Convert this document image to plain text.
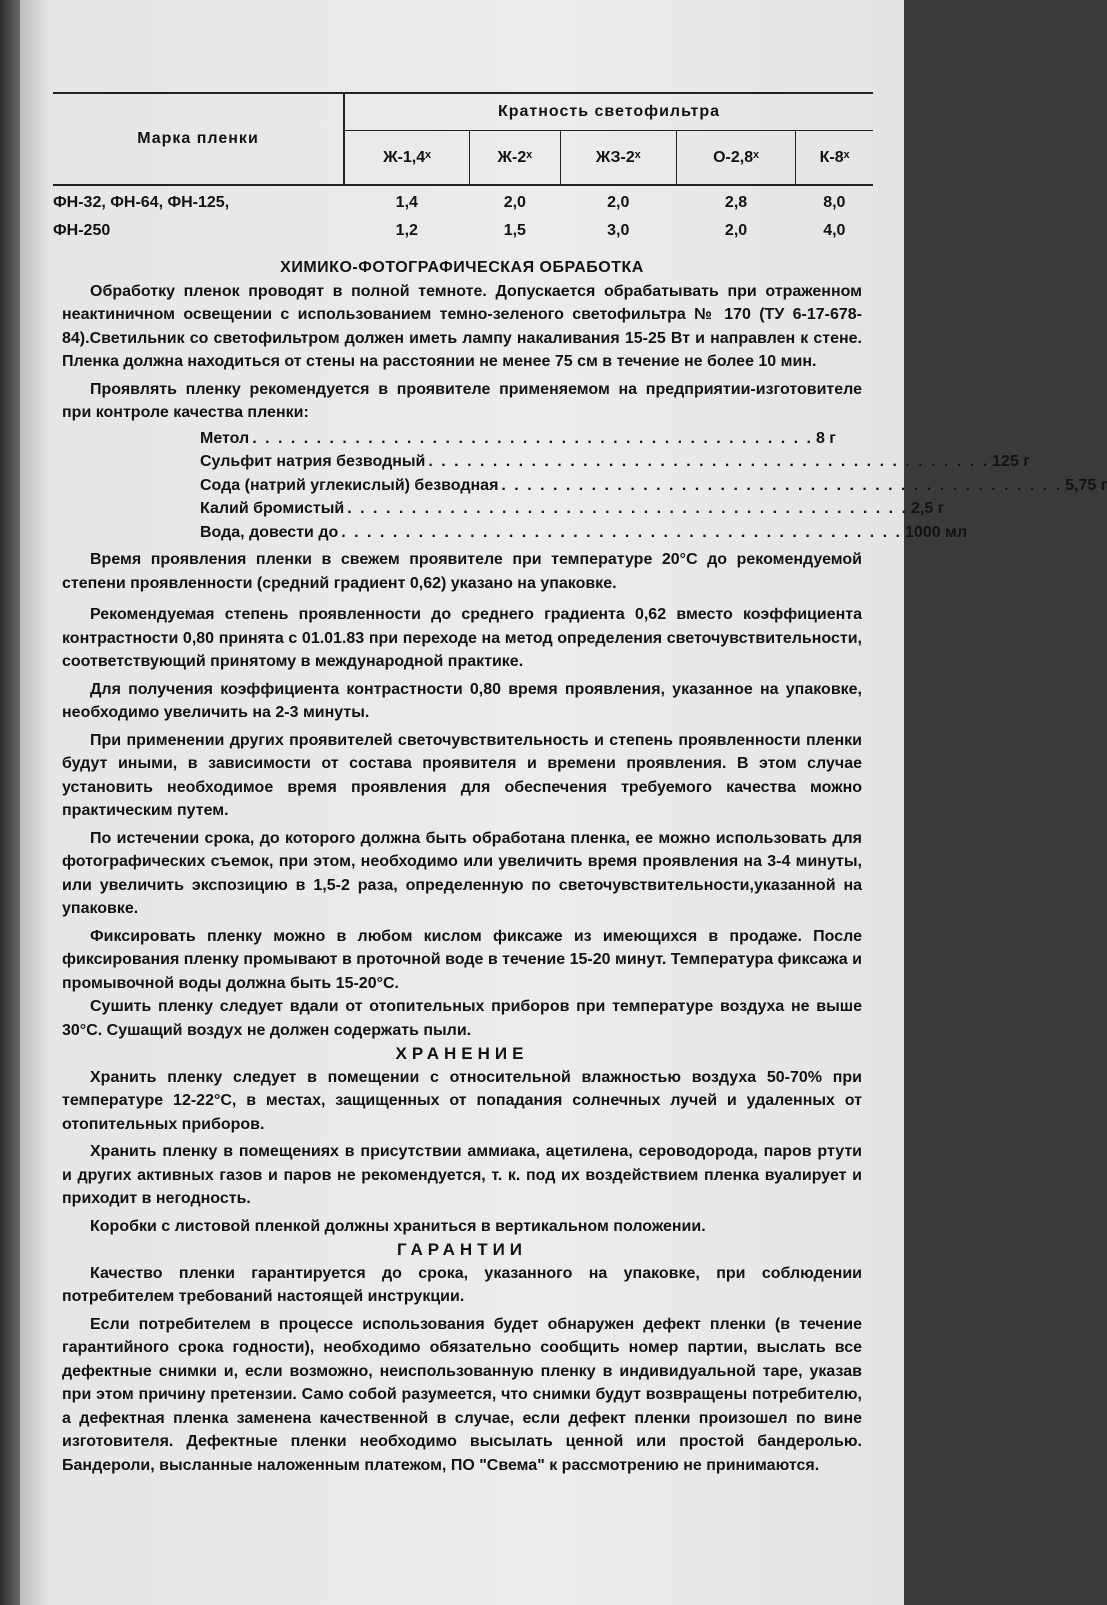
Марка пленки	Кратность светофильтра				
	Ж-1,4ˣ	Ж-2ˣ	ЖЗ-2ˣ	О-2,8ˣ	К-8ˣ
ФН-32, ФН-64, ФН-125,	1,4	2,0	2,0	2,8	8,0
ФН-250	1,2	1,5	3,0	2,0	4,0
ХИМИКО-ФОТОГРАФИЧЕСКАЯ ОБРАБОТКА

Обработку пленок проводят в полной темноте. Допускается обрабатывать при отраженном неактиничном освещении с использованием темно-зеленого светофильтра № 170 (ТУ 6-17-678-84).Светильник со светофильтром должен иметь лампу накаливания 15-25 Вт и направлен к стене. Пленка должна находиться от стены на расстоянии не менее 75 см в течение не более 10 мин.

Проявлять пленку рекомендуется в проявителе применяемом на предприятии-изготовителе при контроле качества пленки:

Метол . . . . . . . . . . . . . . . . . . . . . . . . . . . . . . . . . . . . . . . . . . . . 8 г
Сульфит натрия безводный . . . . . . . . . . . . . . . . . . . . . . . . . . . . . . . . . . . . . . . . . . . . 125 г
Сода (натрий углекислый) безводная . . . . . . . . . . . . . . . . . . . . . . . . . . . . . . . . . . . . . . . . . . . . 5,75 г
Калий бромистый . . . . . . . . . . . . . . . . . . . . . . . . . . . . . . . . . . . . . . . . . . . . 2,5 г
Вода, довести до . . . . . . . . . . . . . . . . . . . . . . . . . . . . . . . . . . . . . . . . . . . . 1000 мл

Время проявления пленки в свежем проявителе при температуре 20°С до рекомендуемой степени проявленности (средний градиент 0,62) указано на упаковке.

Рекомендуемая степень проявленности до среднего градиента 0,62 вместо коэффициента контрастности 0,80 принята с 01.01.83 при переходе на метод определения светочувствительности, соответствующий принятому в международной практике.

Для получения коэффициента контрастности 0,80 время проявления, указанное на упаковке, необходимо увеличить на 2-3 минуты.

При применении других проявителей светочувствительность и степень проявленности пленки будут иными, в зависимости от состава проявителя и времени проявления. В этом случае установить необходимое время проявления для обеспечения требуемого качества можно практическим путем.

По истечении срока, до которого должна быть обработана пленка, ее можно использовать для фотографических съемок, при этом, необходимо или увеличить время проявления на 3-4 минуты, или увеличить экспозицию в 1,5-2 раза, определенную по светочувствительности,указанной на упаковке.

Фиксировать пленку можно в любом кислом фиксаже из имеющихся в продаже. После фиксирования пленку промывают в проточной воде в течение 15-20 минут. Температура фиксажа и промывочной воды должна быть 15-20°С.

Сушить пленку следует вдали от отопительных приборов при температуре воздуха не выше 30°С. Сушащий воздух не должен содержать пыли.

ХРАНЕНИЕ

Хранить пленку следует в помещении с относительной влажностью воздуха 50-70% при температуре 12-22°С, в местах, защищенных от попадания солнечных лучей и удаленных от отопительных приборов.

Хранить пленку в помещениях в присутствии аммиака, ацетилена, сероводорода, паров ртути и других активных газов и паров не рекомендуется, т. к. под их воздействием пленка вуалирует и приходит в негодность.

Коробки с листовой пленкой должны храниться в вертикальном положении.

ГАРАНТИИ

Качество пленки гарантируется до срока, указанного на упаковке, при соблюдении потребителем требований настоящей инструкции.

Если потребителем в процессе использования будет обнаружен дефект пленки (в течение гарантийного срока годности), необходимо обязательно сообщить номер партии, выслать все дефектные снимки и, если возможно, неиспользованную пленку в индивидуальной таре, указав при этом причину претензии. Само собой разумеется, что снимки будут возвращены потребителю, а дефектная пленка заменена качественной в случае, если дефект пленки произошел по вине изготовителя. Дефектные пленки необходимо высылать ценной или простой бандеролью. Бандероли, высланные наложенным платежом, ПО "Свема" к рассмотрению не принимаются.
